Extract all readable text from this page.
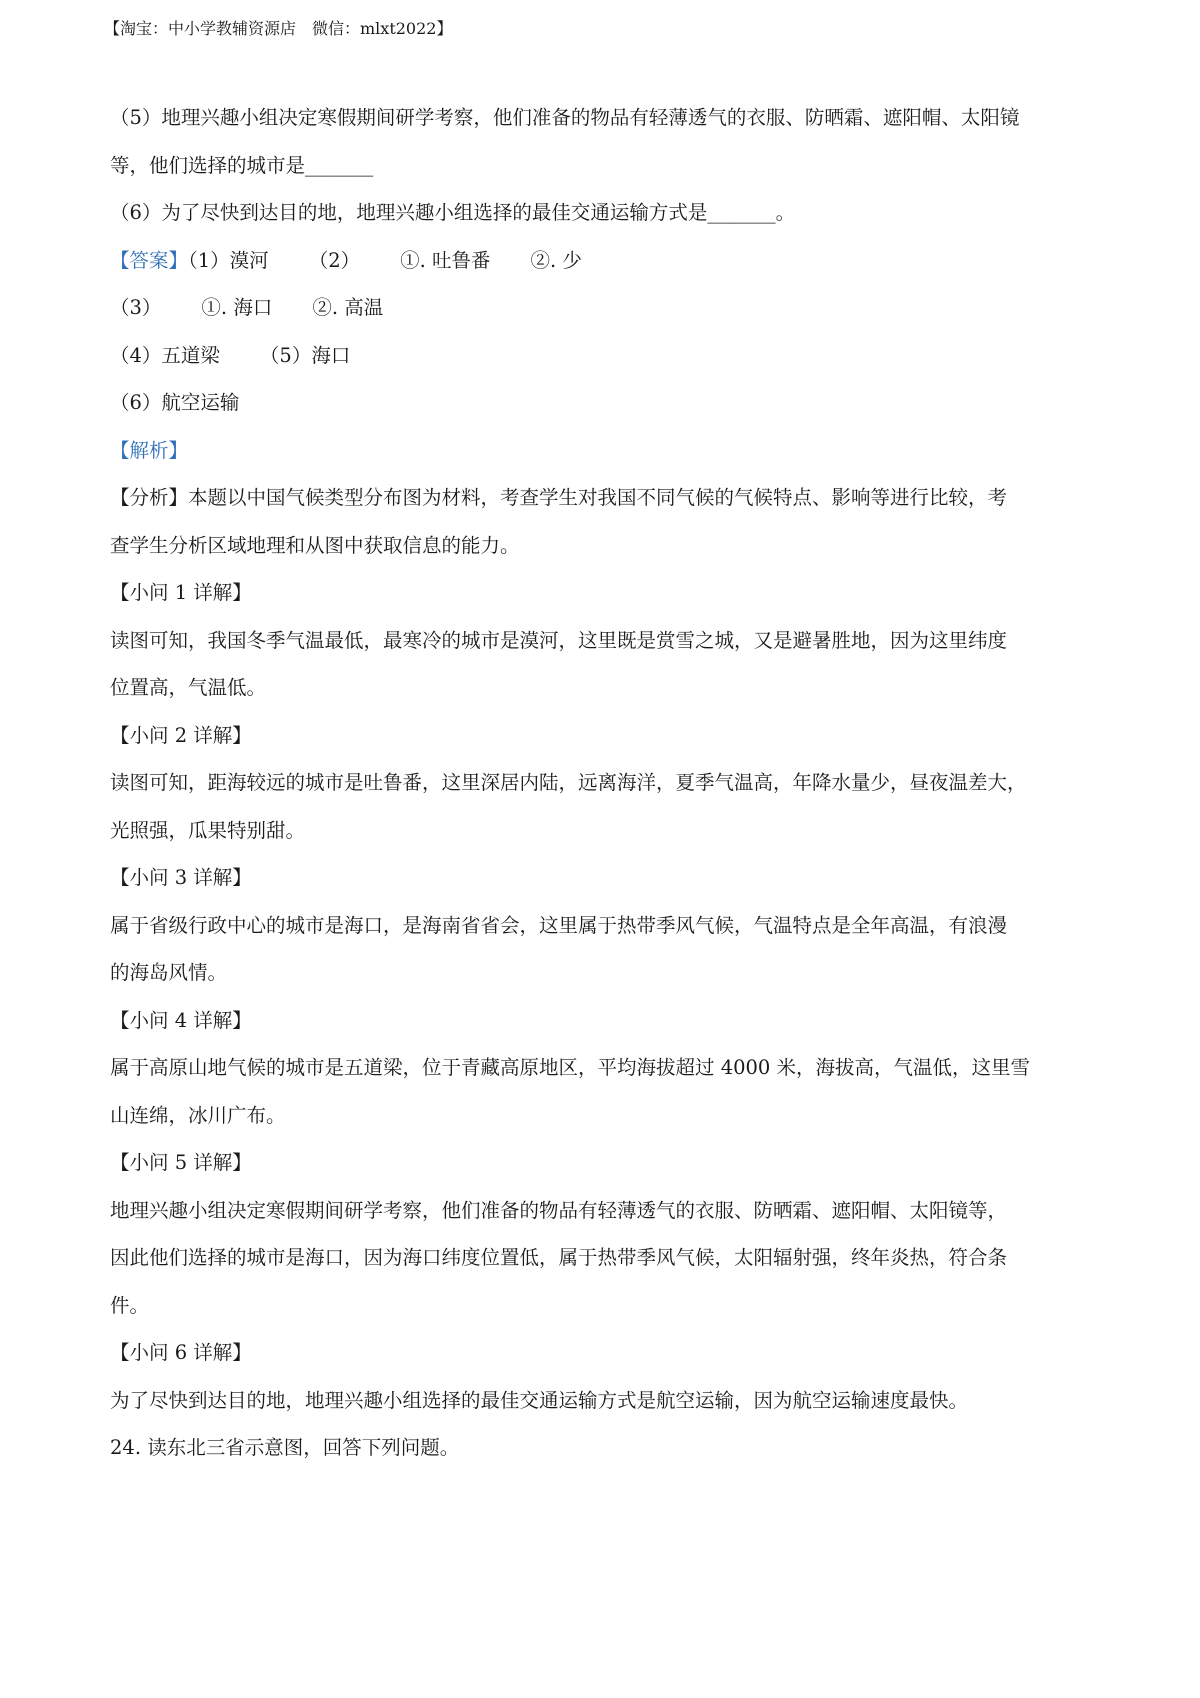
【淘宝：中小学教辅资源店　微信：mlxt2022】
（5）地理兴趣小组决定寒假期间研学考察，他们准备的物品有轻薄透气的衣服、防晒霜、遮阳帽、太阳镜
等，他们选择的城市是_______
（6）为了尽快到达目的地，地理兴趣小组选择的最佳交通运输方式是_______。
【答案】（1）漠河 （2） ①. 吐鲁番 ②. 少
（3） ①. 海口 ②. 高温
（4）五道梁 （5）海口
（6）航空运输
【解析】
【分析】本题以中国气候类型分布图为材料，考查学生对我国不同气候的气候特点、影响等进行比较，考
查学生分析区域地理和从图中获取信息的能力。
【小问 1 详解】
读图可知，我国冬季气温最低，最寒冷的城市是漠河，这里既是赏雪之城，又是避暑胜地，因为这里纬度
位置高，气温低。
【小问 2 详解】
读图可知，距海较远的城市是吐鲁番，这里深居内陆，远离海洋，夏季气温高，年降水量少，昼夜温差大，
光照强，瓜果特别甜。
【小问 3 详解】
属于省级行政中心的城市是海口，是海南省省会，这里属于热带季风气候，气温特点是全年高温，有浪漫
的海岛风情。
【小问 4 详解】
属于高原山地气候的城市是五道梁，位于青藏高原地区，平均海拔超过 4000 米，海拔高，气温低，这里雪
山连绵，冰川广布。
【小问 5 详解】
地理兴趣小组决定寒假期间研学考察，他们准备的物品有轻薄透气的衣服、防晒霜、遮阳帽、太阳镜等，
因此他们选择的城市是海口，因为海口纬度位置低，属于热带季风气候，太阳辐射强，终年炎热，符合条
件。
【小问 6 详解】
为了尽快到达目的地，地理兴趣小组选择的最佳交通运输方式是航空运输，因为航空运输速度最快。
24. 读东北三省示意图，回答下列问题。
